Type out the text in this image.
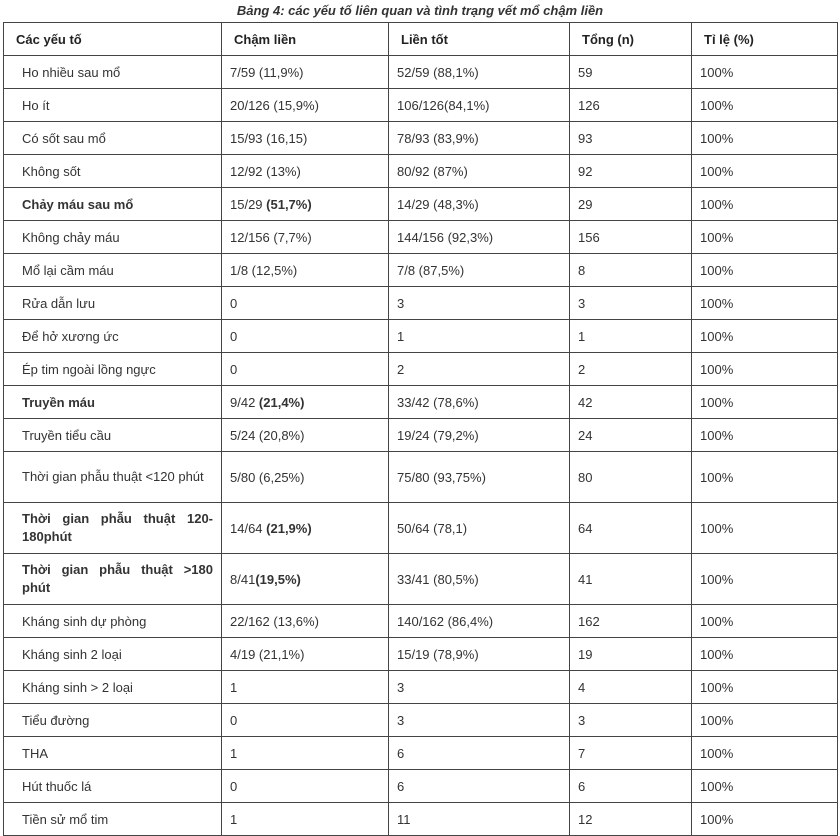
Bảng 4: các yếu tố liên quan và tình trạng vết mổ chậm liền
Các yếu tố	Chậm liền	Liền tốt	Tổng (n)	Tỉ lệ (%)
Ho nhiều sau mổ	7/59 (11,9%)	52/59 (88,1%)	59	100%
Ho ít	20/126 (15,9%)	106/126(84,1%)	126	100%
Có sốt sau mổ	15/93 (16,15)	78/93 (83,9%)	93	100%
Không sốt	12/92 (13%)	80/92 (87%)	92	100%
Chảy máu sau mổ	15/29 (51,7%)	14/29 (48,3%)	29	100%
Không chảy máu	12/156 (7,7%)	144/156 (92,3%)	156	100%
Mổ lại cầm máu	1/8 (12,5%)	7/8 (87,5%)	8	100%
Rửa dẫn lưu	0	3	3	100%
Để hở xương ức	0	1	1	100%
Ép tim ngoài lồng ngực	0	2	2	100%
Truyền máu	9/42 (21,4%)	33/42 (78,6%)	42	100%
Truyền tiểu cầu	5/24 (20,8%)	19/24 (79,2%)	24	100%

Thời gian phẫu thuật <120 phút	5/80 (6,25%)	75/80 (93,75%)	80	100%

Thời gian phẫu thuật 120-180phút	14/64 (21,9%)	50/64 (78,1)	64	100%

Thời gian phẫu thuật >180 phút	8/41(19,5%)	33/41 (80,5%)	41	100%
Kháng sinh dự phòng	22/162 (13,6%)	140/162 (86,4%)	162	100%
Kháng sinh 2 loại	4/19 (21,1%)	15/19 (78,9%)	19	100%
Kháng sinh > 2 loại	1	3	4	100%
Tiểu đường	0	3	3	100%
THA	1	6	7	100%
Hút thuốc lá	0	6	6	100%
Tiền sử mổ tim	1	11	12	100%
